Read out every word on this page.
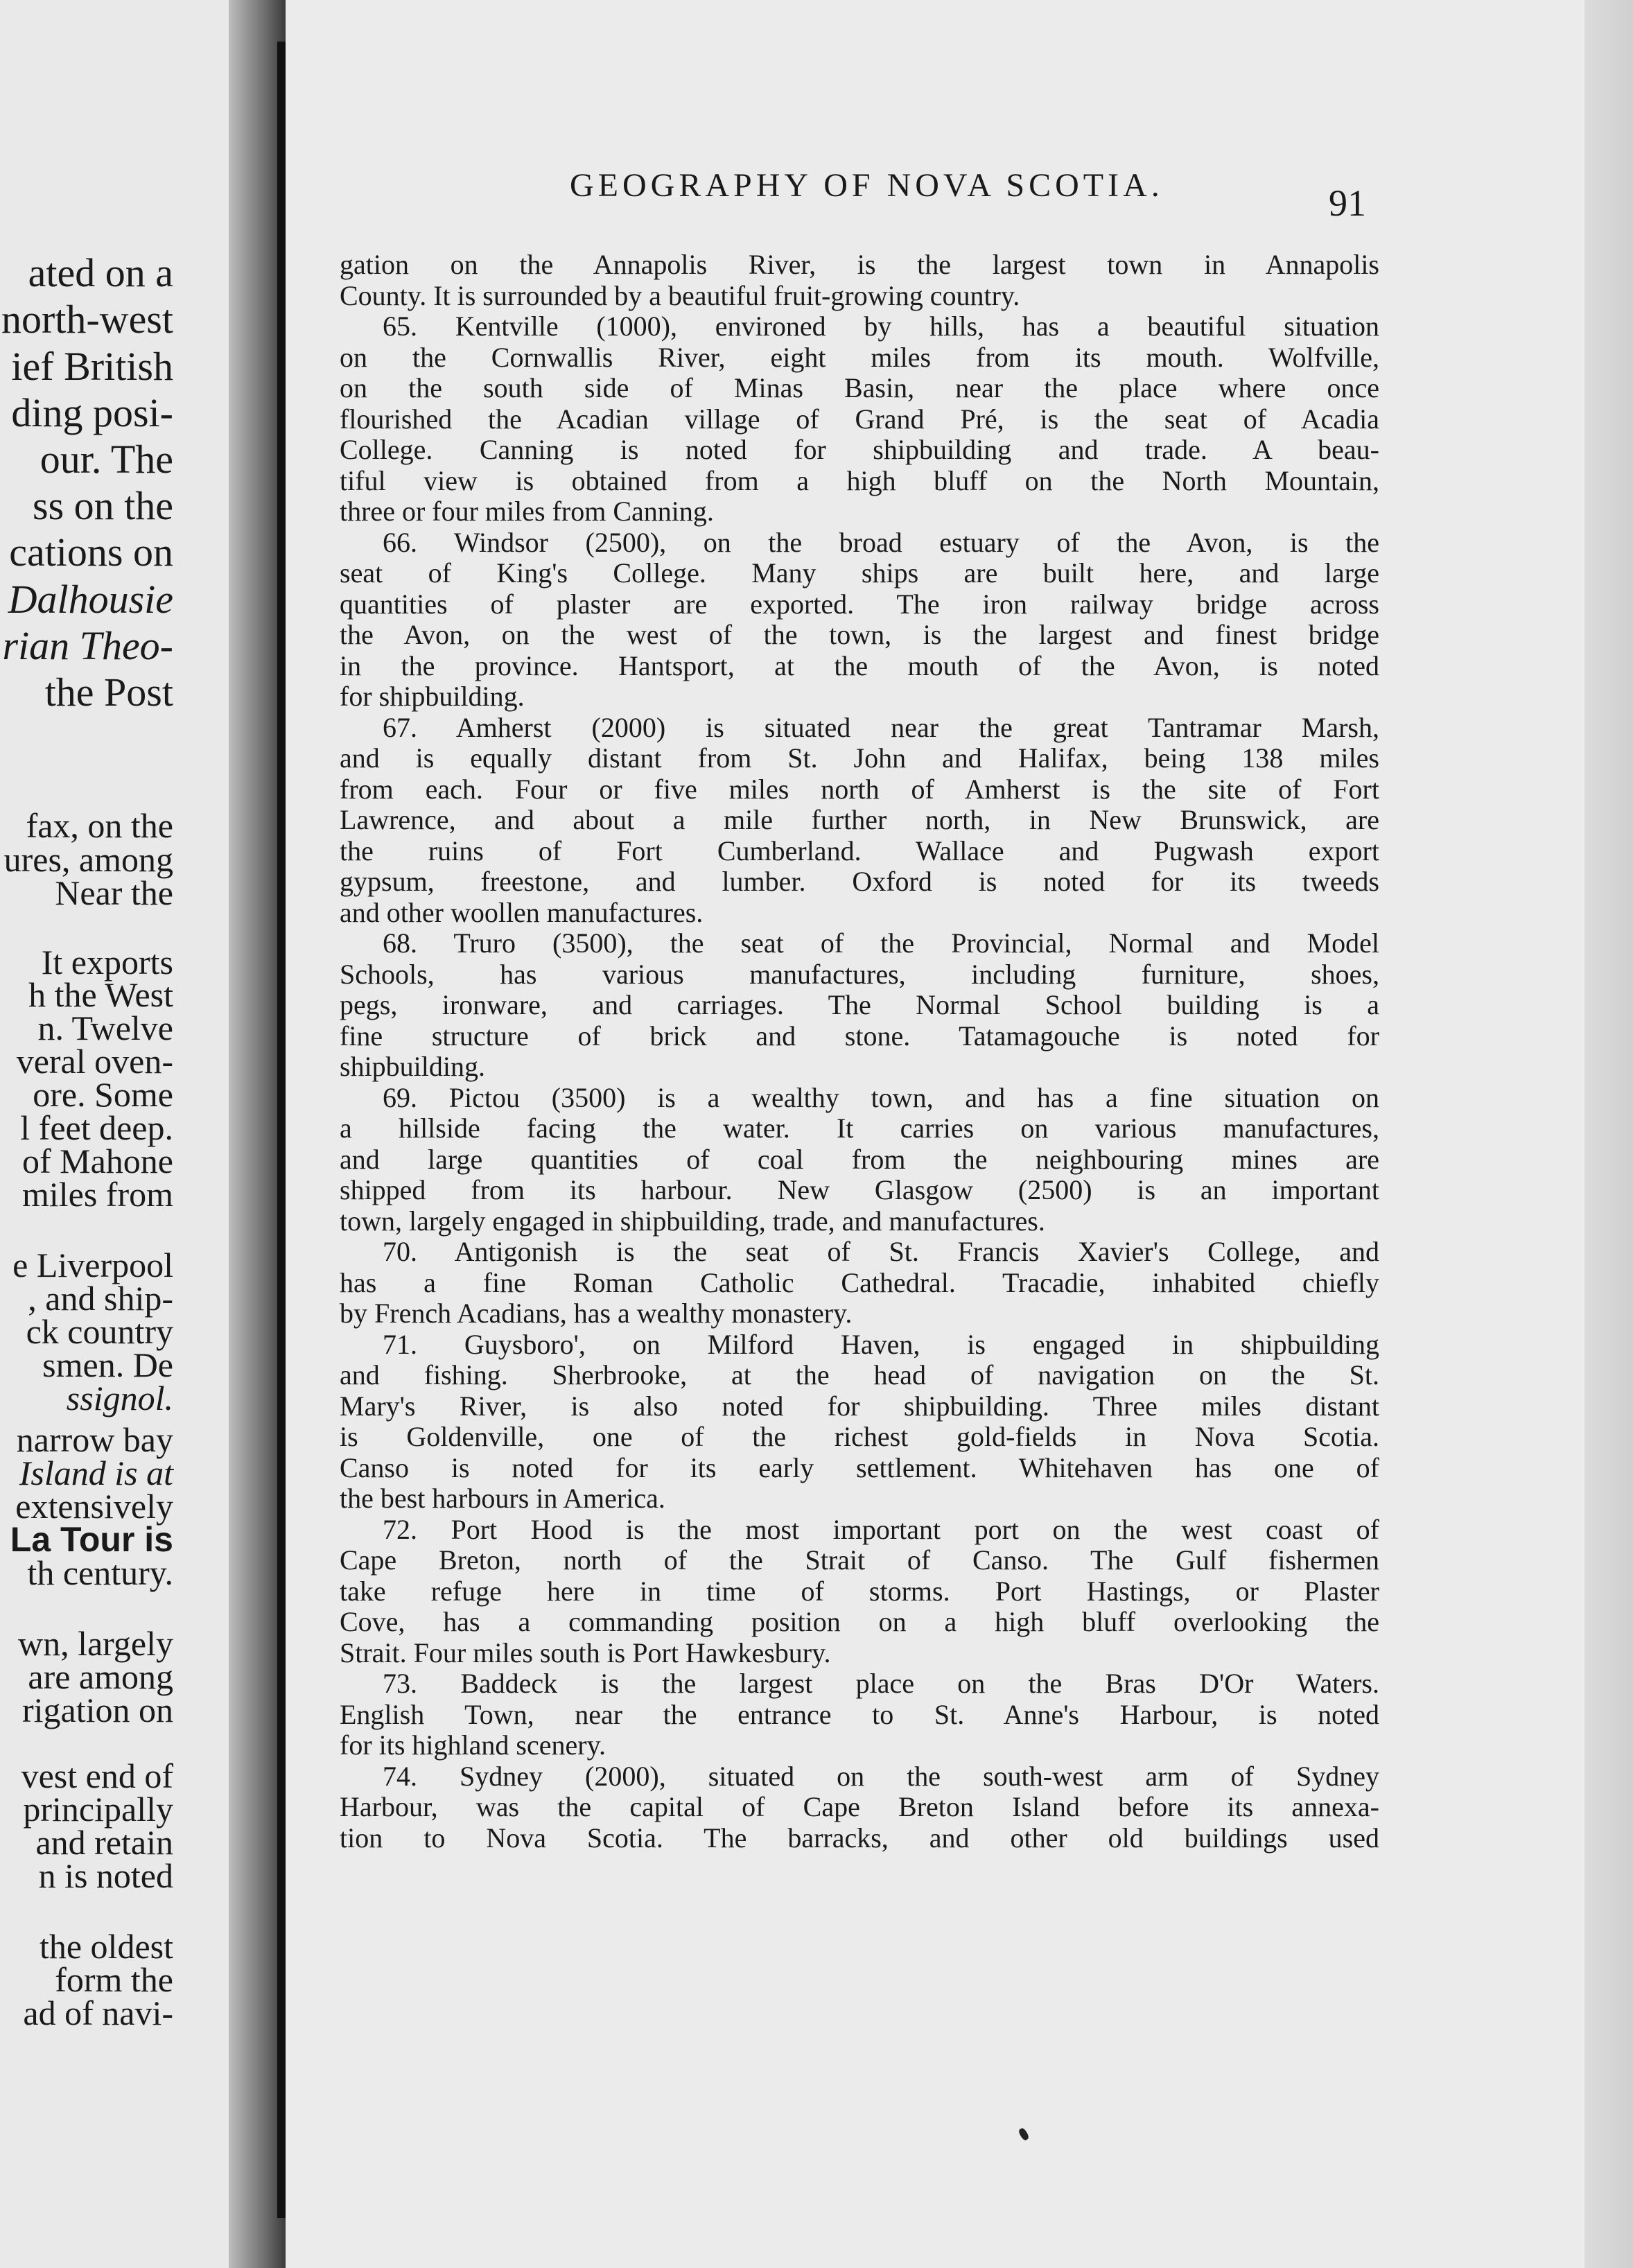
ated on a
north-west
ief British
ding posi-
our. The
ss on the
cations on
Dalhousie
rian Theo-
the Post
fax, on the
ures, among
Near the
It exports
h the West
n. Twelve
veral oven-
ore. Some
l feet deep.
of Mahone
miles from
e Liverpool
, and ship-
ck country
smen. De
ssignol.
narrow bay
Island is at
extensively
La Tour is
th century.
wn, largely
are among
rigation on
vest end of
principally
and retain
n is noted
the oldest
form the
ad of navi-
GEOGRAPHY OF NOVA SCOTIA.	91
gation on the Annapolis River, is the largest town in Annapolis
County. It is surrounded by a beautiful fruit-growing country.
65. Kentville (1000), environed by hills, has a beautiful situation
on the Cornwallis River, eight miles from its mouth. Wolfville,
on the south side of Minas Basin, near the place where once
flourished the Acadian village of Grand Pré, is the seat of Acadia
College. Canning is noted for shipbuilding and trade. A beau-
tiful view is obtained from a high bluff on the North Mountain,
three or four miles from Canning.
66. Windsor (2500), on the broad estuary of the Avon, is the
seat of King's College. Many ships are built here, and large
quantities of plaster are exported. The iron railway bridge across
the Avon, on the west of the town, is the largest and finest bridge
in the province. Hantsport, at the mouth of the Avon, is noted
for shipbuilding.
67. Amherst (2000) is situated near the great Tantramar Marsh,
and is equally distant from St. John and Halifax, being 138 miles
from each. Four or five miles north of Amherst is the site of Fort
Lawrence, and about a mile further north, in New Brunswick, are
the ruins of Fort Cumberland. Wallace and Pugwash export
gypsum, freestone, and lumber. Oxford is noted for its tweeds
and other woollen manufactures.
68. Truro (3500), the seat of the Provincial, Normal and Model
Schools, has various manufactures, including furniture, shoes,
pegs, ironware, and carriages. The Normal School building is a
fine structure of brick and stone. Tatamagouche is noted for
shipbuilding.
69. Pictou (3500) is a wealthy town, and has a fine situation on
a hillside facing the water. It carries on various manufactures,
and large quantities of coal from the neighbouring mines are
shipped from its harbour. New Glasgow (2500) is an important
town, largely engaged in shipbuilding, trade, and manufactures.
70. Antigonish is the seat of St. Francis Xavier's College, and
has a fine Roman Catholic Cathedral. Tracadie, inhabited chiefly
by French Acadians, has a wealthy monastery.
71. Guysboro', on Milford Haven, is engaged in shipbuilding
and fishing. Sherbrooke, at the head of navigation on the St.
Mary's River, is also noted for shipbuilding. Three miles distant
is Goldenville, one of the richest gold-fields in Nova Scotia.
Canso is noted for its early settlement. Whitehaven has one of
the best harbours in America.
72. Port Hood is the most important port on the west coast of
Cape Breton, north of the Strait of Canso. The Gulf fishermen
take refuge here in time of storms. Port Hastings, or Plaster
Cove, has a commanding position on a high bluff overlooking the
Strait. Four miles south is Port Hawkesbury.
73. Baddeck is the largest place on the Bras D'Or Waters.
English Town, near the entrance to St. Anne's Harbour, is noted
for its highland scenery.
74. Sydney (2000), situated on the south-west arm of Sydney
Harbour, was the capital of Cape Breton Island before its annexa-
tion to Nova Scotia. The barracks, and other old buildings used
